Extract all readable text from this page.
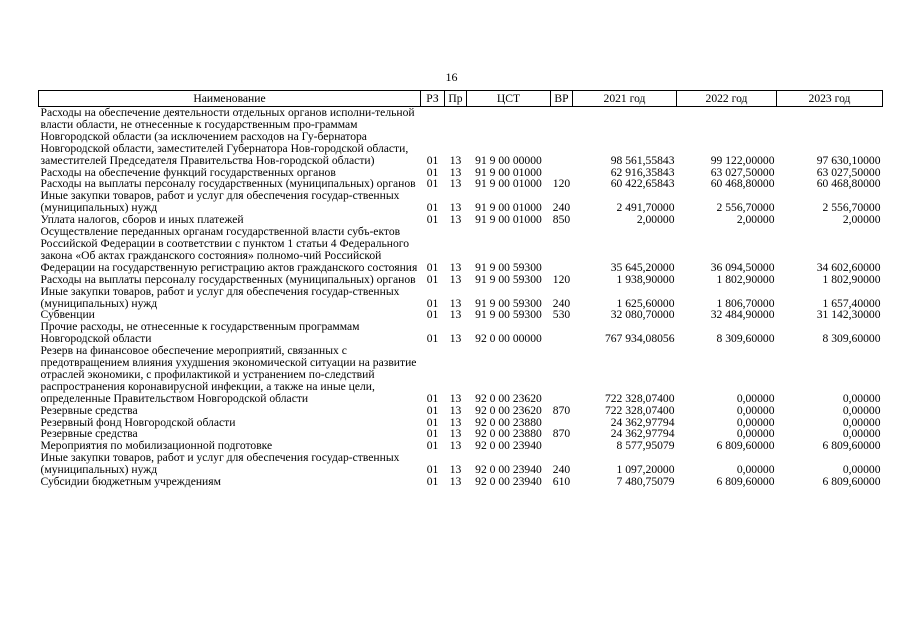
16
Наименование	РЗ	Пр	ЦСТ	ВР	2021 год	2022 год	2023 год
Расходы на обеспечение деятельности отдельных органов исполни-тельной власти области, не отнесенные к государственным про-граммам Новгородской области (за исключением расходов на Гу-бернатора Новгородской области, заместителей Губернатора Нов-городской области, заместителей Председателя Правительства Нов-городской области)	01	13	91 9 00 00000		98 561,55843	99 122,00000	97 630,10000
Расходы на обеспечение функций государственных органов	01	13	91 9 00 01000		62 916,35843	63 027,50000	63 027,50000
Расходы на выплаты персоналу государственных (муниципальных) органов	01	13	91 9 00 01000	120	60 422,65843	60 468,80000	60 468,80000
Иные закупки товаров, работ и услуг для обеспечения государ-ственных (муниципальных) нужд	01	13	91 9 00 01000	240	2 491,70000	2 556,70000	2 556,70000
Уплата налогов, сборов и иных платежей	01	13	91 9 00 01000	850	2,00000	2,00000	2,00000
Осуществление переданных органам государственной власти субъ-ектов Российской Федерации в соответствии с пунктом 1 статьи 4 Федерального закона «Об актах гражданского состояния» полномо-чий Российской Федерации на государственную регистрацию актов гражданского состояния	01	13	91 9 00 59300		35 645,20000	36 094,50000	34 602,60000
Расходы на выплаты персоналу государственных (муниципальных) органов	01	13	91 9 00 59300	120	1 938,90000	1 802,90000	1 802,90000
Иные закупки товаров, работ и услуг для обеспечения государ-ственных (муниципальных) нужд	01	13	91 9 00 59300	240	1 625,60000	1 806,70000	1 657,40000
Субвенции	01	13	91 9 00 59300	530	32 080,70000	32 484,90000	31 142,30000
Прочие расходы, не отнесенные к государственным программам Новгородской области	01	13	92 0 00 00000		767 934,08056	8 309,60000	8 309,60000
Резерв на финансовое обеспечение мероприятий, связанных с предотвращением влияния ухудшения экономической ситуации на развитие отраслей экономики, с профилактикой и устранением по-следствий распространения коронавирусной инфекции, а также на иные цели, определенные Правительством Новгородской области	01	13	92 0 00 23620		722 328,07400	0,00000	0,00000
Резервные средства	01	13	92 0 00 23620	870	722 328,07400	0,00000	0,00000
Резервный фонд Новгородской области	01	13	92 0 00 23880		24 362,97794	0,00000	0,00000
Резервные средства	01	13	92 0 00 23880	870	24 362,97794	0,00000	0,00000
Мероприятия по мобилизационной подготовке	01	13	92 0 00 23940		8 577,95079	6 809,60000	6 809,60000
Иные закупки товаров, работ и услуг для обеспечения государ-ственных (муниципальных) нужд	01	13	92 0 00 23940	240	1 097,20000	0,00000	0,00000
Субсидии бюджетным учреждениям	01	13	92 0 00 23940	610	7 480,75079	6 809,60000	6 809,60000
